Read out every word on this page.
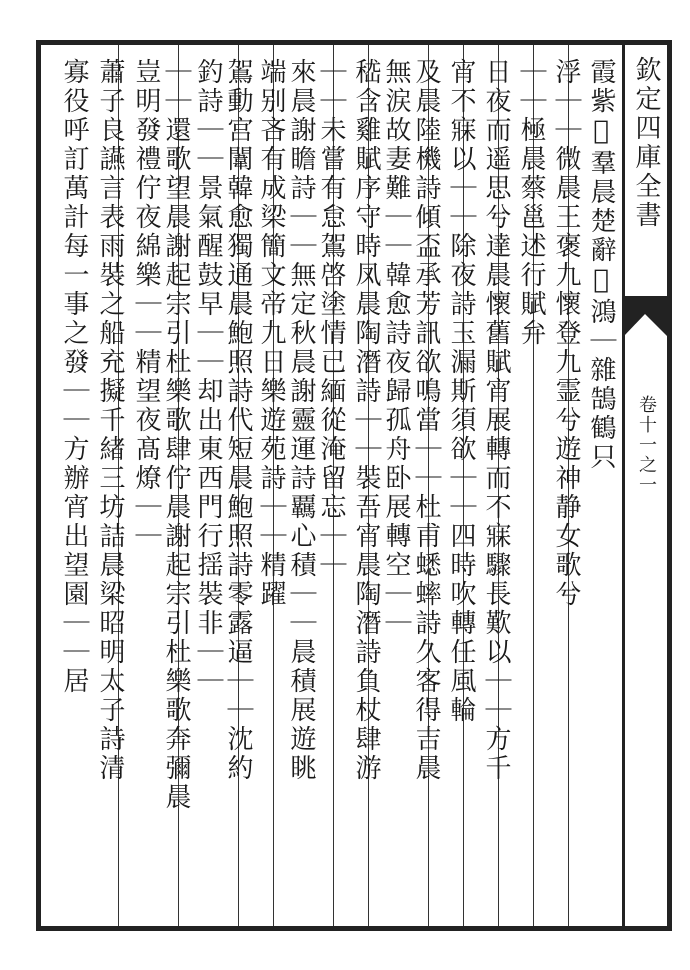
欽定四庫全書
卷十一之一
霞紫𦶜羣晨楚辭𪄻鴻｜雜鵠鶴只
浮｜｜微晨王褒九懷登九霊兮遊神静女歌兮
｜｜極晨蔡邕述行賦弁
日夜而遥思兮達晨懷舊賦宵展轉而不寐驟長歎以｜｜方千
宵不寐以｜｜除夜詩玉漏斯須欲｜｜四時吹轉任風輪
及晨陸機詩傾盃承芳訊欲鳴當｜｜杜甫蟋蟀詩久客得吉晨
無涙故妻難｜｜韓愈詩夜歸孤舟卧展轉空｜｜
嵇含雞賦序守時凤晨陶潛詩｜｜裝吾宵晨陶潛詩負杖肆游
｜｜未嘗有怠鴐啓塗情已緬從淹留忘｜｜
來晨謝瞻詩｜｜無定秋晨謝靈運詩覊心積｜｜晨積展遊眺
端别吝有成梁簡文帝九日樂遊苑詩｜｜精躍
鴐動宫闈韓愈獨通晨鮑照詩代短晨鮑照詩零露逼｜｜沈約
釣詩｜｜景氣醒鼓早｜｜却出東西門行揺裝非｜｜
｜｜還歌望晨謝起宗引杜樂歌肆佇晨謝起宗引杜樂歌奔彌晨
豈明發禮佇夜綿樂｜｜精望夜髙燎｜｜
蕭子良讌言表雨裝之船充擬千緒三坊詰晨梁昭明太子詩清
寡役呼訂萬計每一事之發｜｜方辦宵出望園｜｜居
